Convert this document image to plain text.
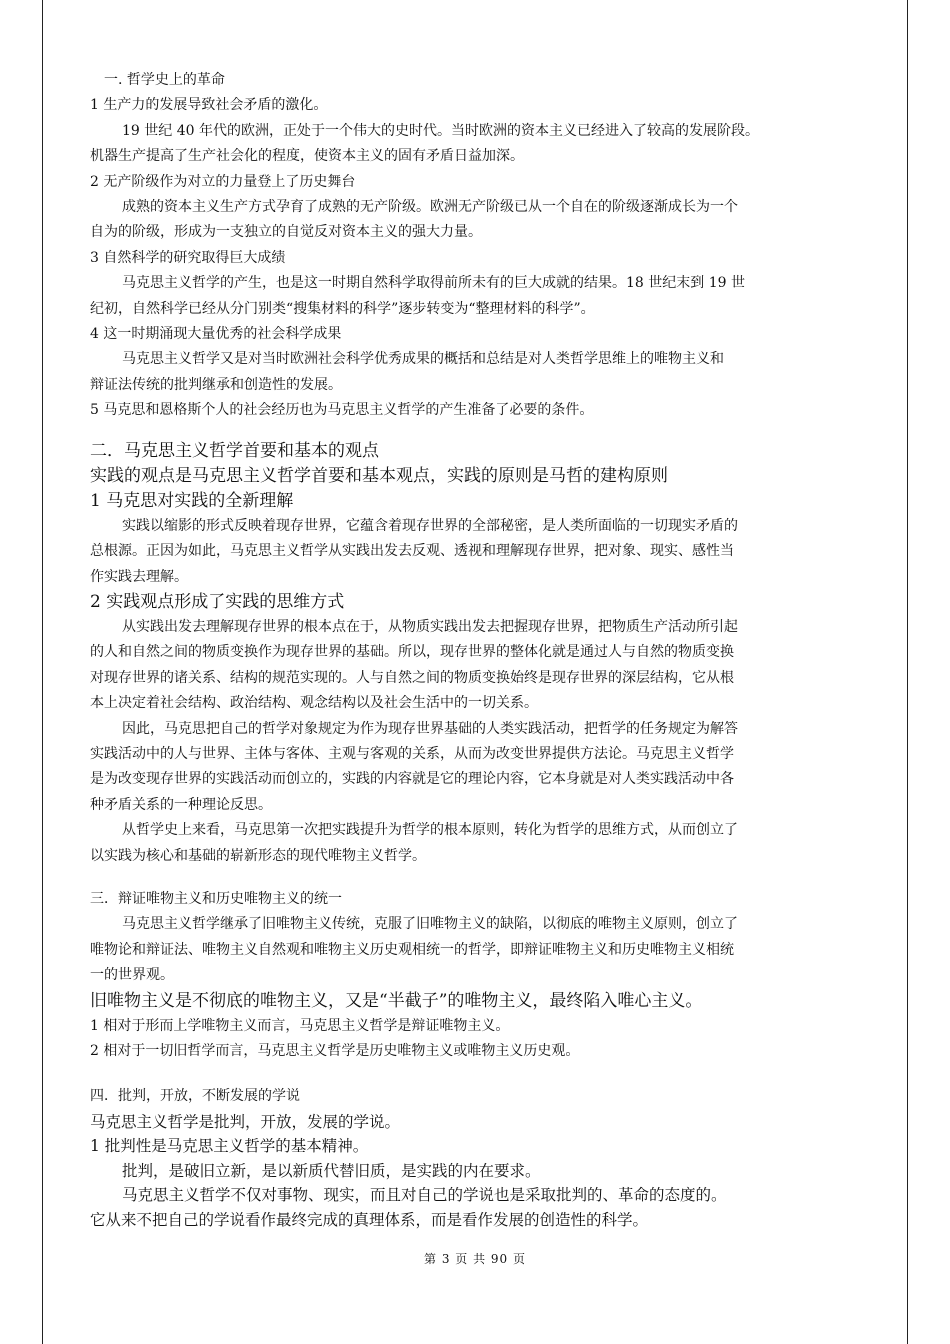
一. 哲学史上的革命
1 生产力的发展导致社会矛盾的激化。
19 世纪 40 年代的欧洲，正处于一个伟大的史时代。当时欧洲的资本主义已经进入了较高的发展阶段。
机器生产提高了生产社会化的程度，使资本主义的固有矛盾日益加深。
2 无产阶级作为对立的力量登上了历史舞台
成熟的资本主义生产方式孕育了成熟的无产阶级。欧洲无产阶级已从一个自在的阶级逐渐成长为一个
自为的阶级，形成为一支独立的自觉反对资本主义的强大力量。
3 自然科学的研究取得巨大成绩
马克思主义哲学的产生，也是这一时期自然科学取得前所未有的巨大成就的结果。18 世纪末到 19 世
纪初，自然科学已经从分门别类“搜集材料的科学”逐步转变为“整理材料的科学”。
4 这一时期涌现大量优秀的社会科学成果
马克思主义哲学又是对当时欧洲社会科学优秀成果的概括和总结是对人类哲学思维上的唯物主义和
辩证法传统的批判继承和创造性的发展。
5 马克思和恩格斯个人的社会经历也为马克思主义哲学的产生准备了必要的条件。
二．马克思主义哲学首要和基本的观点
实践的观点是马克思主义哲学首要和基本观点，实践的原则是马哲的建构原则
1 马克思对实践的全新理解
实践以缩影的形式反映着现存世界，它蕴含着现存世界的全部秘密，是人类所面临的一切现实矛盾的
总根源。正因为如此，马克思主义哲学从实践出发去反观、透视和理解现存世界，把对象、现实、感性当
作实践去理解。
2 实践观点形成了实践的思维方式
从实践出发去理解现存世界的根本点在于，从物质实践出发去把握现存世界，把物质生产活动所引起
的人和自然之间的物质变换作为现存世界的基础。所以，现存世界的整体化就是通过人与自然的物质变换
对现存世界的诸关系、结构的规范实现的。人与自然之间的物质变换始终是现存世界的深层结构，它从根
本上决定着社会结构、政治结构、观念结构以及社会生活中的一切关系。
因此，马克思把自己的哲学对象规定为作为现存世界基础的人类实践活动，把哲学的任务规定为解答
实践活动中的人与世界、主体与客体、主观与客观的关系，从而为改变世界提供方法论。马克思主义哲学
是为改变现存世界的实践活动而创立的，实践的内容就是它的理论内容，它本身就是对人类实践活动中各
种矛盾关系的一种理论反思。
从哲学史上来看，马克思第一次把实践提升为哲学的根本原则，转化为哲学的思维方式，从而创立了
以实践为核心和基础的崭新形态的现代唯物主义哲学。
三．辩证唯物主义和历史唯物主义的统一
马克思主义哲学继承了旧唯物主义传统，克服了旧唯物主义的缺陷，以彻底的唯物主义原则，创立了
唯物论和辩证法、唯物主义自然观和唯物主义历史观相统一的哲学，即辩证唯物主义和历史唯物主义相统
一的世界观。
旧唯物主义是不彻底的唯物主义，又是“半截子”的唯物主义，最终陷入唯心主义。
1 相对于形而上学唯物主义而言，马克思主义哲学是辩证唯物主义。
2 相对于一切旧哲学而言，马克思主义哲学是历史唯物主义或唯物主义历史观。
四．批判，开放，不断发展的学说
马克思主义哲学是批判，开放，发展的学说。
1 批判性是马克思主义哲学的基本精神。
批判，是破旧立新，是以新质代替旧质，是实践的内在要求。
马克思主义哲学不仅对事物、现实，而且对自己的学说也是采取批判的、革命的态度的。
它从来不把自己的学说看作最终完成的真理体系，而是看作发展的创造性的科学。
第 3 页 共 90 页
